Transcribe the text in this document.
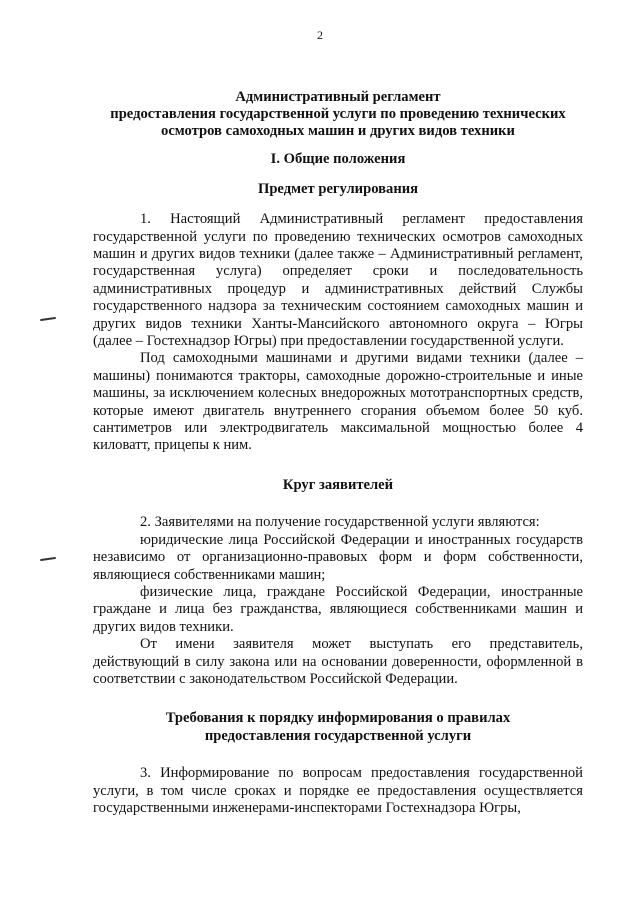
2
Административный регламент
предоставления государственной услуги по проведению технических
осмотров самоходных машин и других видов техники
I. Общие положения
Предмет регулирования

1. Настоящий Административный регламент предоставления государственной услуги по проведению технических осмотров самоходных машин и других видов техники (далее также – Административный регламент, государственная услуга) определяет сроки и последовательность административных процедур и административных действий Службы государственного надзора за техническим состоянием самоходных машин и других видов техники Ханты-Мансийского автономного округа – Югры (далее – Гостехнадзор Югры) при предоставлении государственной услуги.

Под самоходными машинами и другими видами техники (далее – машины) понимаются тракторы, самоходные дорожно-строительные и иные машины, за исключением колесных внедорожных мототранспортных средств, которые имеют двигатель внутреннего сгорания объемом более 50 куб. сантиметров или электродвигатель максимальной мощностью более 4 киловатт, прицепы к ним.

Круг заявителей

2. Заявителями на получение государственной услуги являются:

юридические лица Российской Федерации и иностранных государств независимо от организационно-правовых форм и форм собственности, являющиеся собственниками машин;

физические лица, граждане Российской Федерации, иностранные граждане и лица без гражданства, являющиеся собственниками машин и других видов техники.

От имени заявителя может выступать его представитель, действующий в силу закона или на основании доверенности, оформленной в соответствии с законодательством Российской Федерации.

Требования к порядку информирования о правилах
предоставления государственной услуги

3. Информирование по вопросам предоставления государственной услуги, в том числе сроках и порядке ее предоставления осуществляется государственными инженерами-инспекторами Гостехнадзора Югры,
